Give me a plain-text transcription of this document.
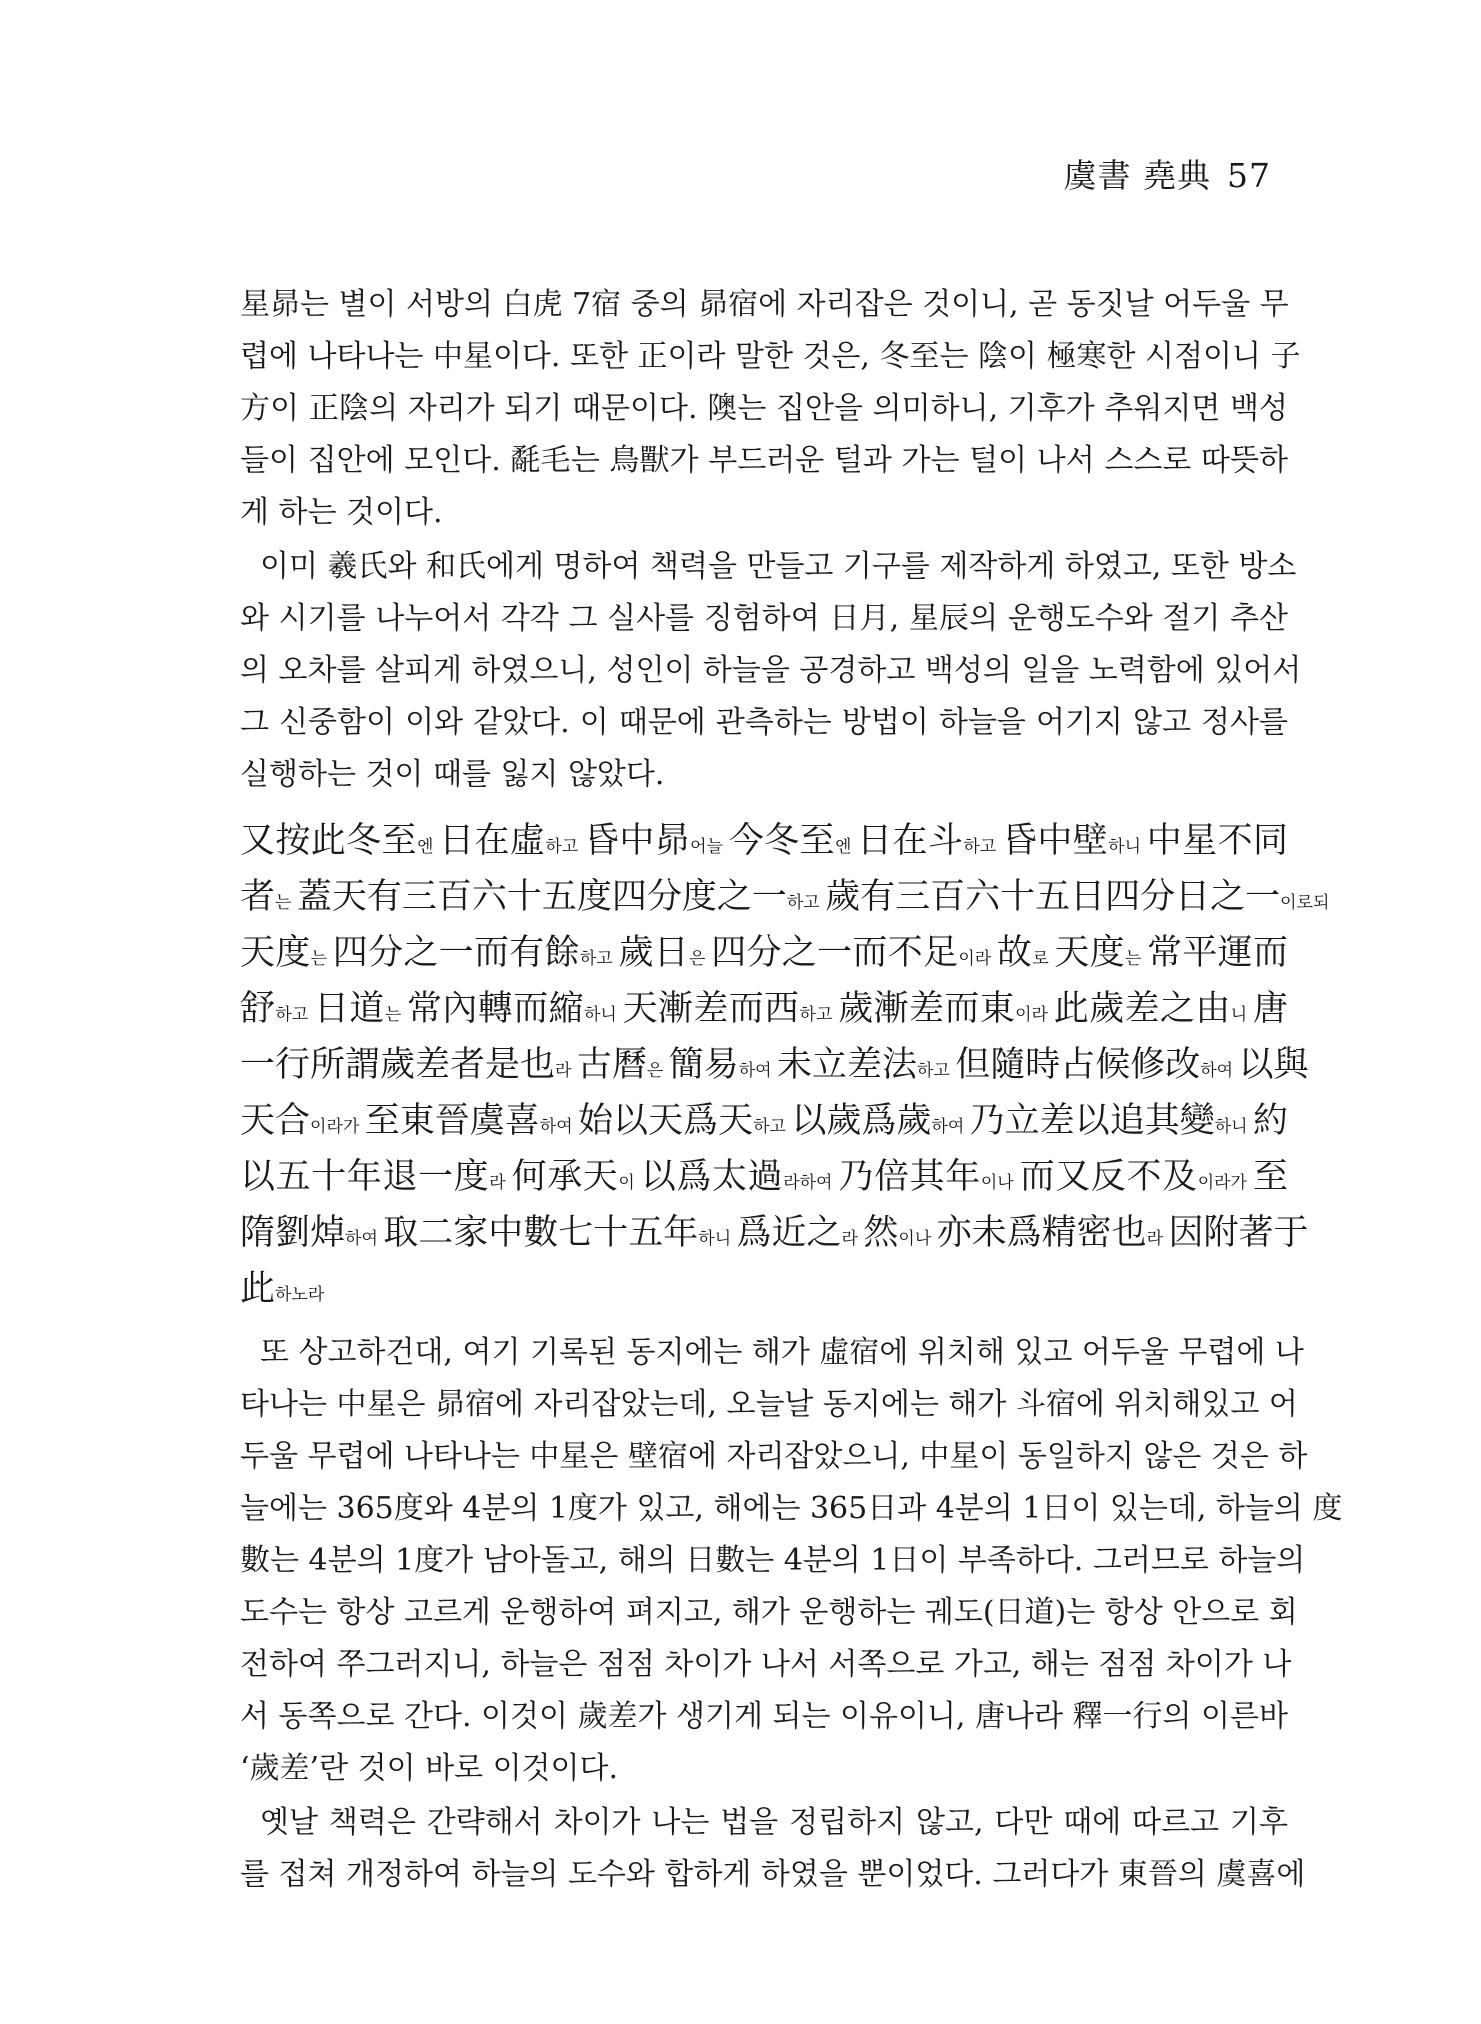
虞書 堯典 57
星昴는 별이 서방의 白虎 7宿 중의 昴宿에 자리잡은 것이니, 곧 동짓날 어두울 무
렵에 나타나는 中星이다. 또한 正이라 말한 것은, 冬至는 陰이 極寒한 시점이니 子
方이 正陰의 자리가 되기 때문이다. 隩는 집안을 의미하니, 기후가 추워지면 백성
들이 집안에 모인다. 氄毛는 鳥獸가 부드러운 털과 가는 털이 나서 스스로 따뜻하
게 하는 것이다.
이미 羲氏와 和氏에게 명하여 책력을 만들고 기구를 제작하게 하였고, 또한 방소
와 시기를 나누어서 각각 그 실사를 징험하여 日月, 星辰의 운행도수와 절기 추산
의 오차를 살피게 하였으니, 성인이 하늘을 공경하고 백성의 일을 노력함에 있어서
그 신중함이 이와 같았다. 이 때문에 관측하는 방법이 하늘을 어기지 않고 정사를
실행하는 것이 때를 잃지 않았다.
又按此冬至엔 日在虛하고 昏中昴어늘 今冬至엔 日在斗하고 昏中壁하니 中星不同
者는 蓋天有三百六十五度四分度之一하고 歲有三百六十五日四分日之一이로되
天度는 四分之一而有餘하고 歲日은 四分之一而不足이라 故로 天度는 常平運而
舒하고 日道는 常內轉而縮하니 天漸差而西하고 歲漸差而東이라 此歲差之由니 唐
一行所謂歲差者是也라 古曆은 簡易하여 未立差法하고 但隨時占候修改하여 以與
天合이라가 至東晉虞喜하여 始以天爲天하고 以歲爲歲하여 乃立差以追其變하니 約
以五十年退一度라 何承天이 以爲太過라하여 乃倍其年이나 而又反不及이라가 至
隋劉焯하여 取二家中數七十五年하니 爲近之라 然이나 亦未爲精密也라 因附著于
此하노라
또 상고하건대, 여기 기록된 동지에는 해가 虛宿에 위치해 있고 어두울 무렵에 나
타나는 中星은 昴宿에 자리잡았는데, 오늘날 동지에는 해가 斗宿에 위치해있고 어
두울 무렵에 나타나는 中星은 壁宿에 자리잡았으니, 中星이 동일하지 않은 것은 하
늘에는 365度와 4분의 1度가 있고, 해에는 365日과 4분의 1日이 있는데, 하늘의 度
數는 4분의 1度가 남아돌고, 해의 日數는 4분의 1日이 부족하다. 그러므로 하늘의
도수는 항상 고르게 운행하여 펴지고, 해가 운행하는 궤도(日道)는 항상 안으로 회
전하여 쭈그러지니, 하늘은 점점 차이가 나서 서쪽으로 가고, 해는 점점 차이가 나
서 동쪽으로 간다. 이것이 歲差가 생기게 되는 이유이니, 唐나라 釋一行의 이른바
‘歲差’란 것이 바로 이것이다.
옛날 책력은 간략해서 차이가 나는 법을 정립하지 않고, 다만 때에 따르고 기후
를 접쳐 개정하여 하늘의 도수와 합하게 하였을 뿐이었다. 그러다가 東晉의 虞喜에
